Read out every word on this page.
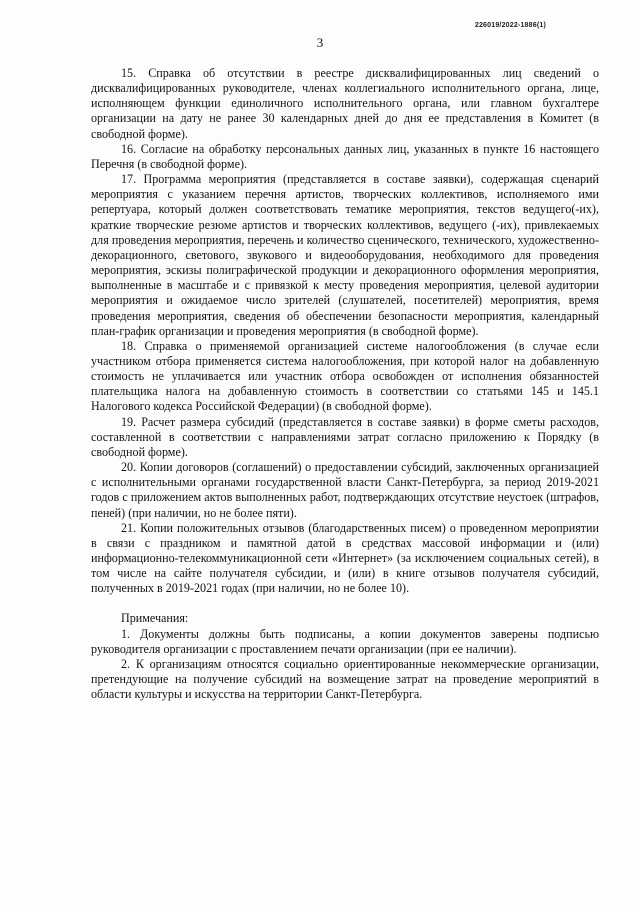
226019/2022-1886(1)
3

15. Справка об отсутствии в реестре дисквалифицированных лиц сведений о дисквалифицированных руководителе, членах коллегиального исполнительного органа, лице, исполняющем функции единоличного исполнительного органа, или главном бухгалтере организации на дату не ранее 30 календарных дней до дня ее представления в Комитет (в свободной форме).

16. Согласие на обработку персональных данных лиц, указанных в пункте 16 настоящего Перечня (в свободной форме).

17. Программа мероприятия (представляется в составе заявки), содержащая сценарий мероприятия с указанием перечня артистов, творческих коллективов, исполняемого ими репертуара, который должен соответствовать тематике мероприятия, текстов ведущего(-их), краткие творческие резюме артистов и творческих коллективов, ведущего (-их), привлекаемых для проведения мероприятия, перечень и количество сценического, технического, художественно-декорационного, светового, звукового и видеооборудования, необходимого для проведения мероприятия, эскизы полиграфической продукции и декорационного оформления мероприятия, выполненные в масштабе и с привязкой к месту проведения мероприятия, целевой аудитории мероприятия и ожидаемое число зрителей (слушателей, посетителей) мероприятия, время проведения мероприятия, сведения об обеспечении безопасности мероприятия, календарный план-график организации и проведения мероприятия (в свободной форме).

18. Справка о применяемой организацией системе налогообложения (в случае если участником отбора применяется система налогообложения, при которой налог на добавленную стоимость не уплачивается или участник отбора освобожден от исполнения обязанностей плательщика налога на добавленную стоимость в соответствии со статьями 145 и 145.1 Налогового кодекса Российской Федерации) (в свободной форме).

19. Расчет размера субсидий (представляется в составе заявки) в форме сметы расходов, составленной в соответствии с направлениями затрат согласно приложению к Порядку (в свободной форме).

20. Копии договоров (соглашений) о предоставлении субсидий, заключенных организацией с исполнительными органами государственной власти Санкт-Петербурга, за период 2019-2021 годов с приложением актов выполненных работ, подтверждающих отсутствие неустоек (штрафов, пеней) (при наличии, но не более пяти).

21. Копии положительных отзывов (благодарственных писем) о проведенном мероприятии в связи с праздником и памятной датой в средствах массовой информации и (или) информационно-телекоммуникационной сети «Интернет» (за исключением социальных сетей), в том числе на сайте получателя субсидии, и (или) в книге отзывов получателя субсидий, полученных в 2019-2021 годах (при наличии, но не более 10).

Примечания:

1. Документы должны быть подписаны, а копии документов заверены подписью руководителя организации с проставлением печати организации (при ее наличии).

2. К организациям относятся социально ориентированные некоммерческие организации, претендующие на получение субсидий на возмещение затрат на проведение мероприятий в области культуры и искусства на территории Санкт-Петербурга.
